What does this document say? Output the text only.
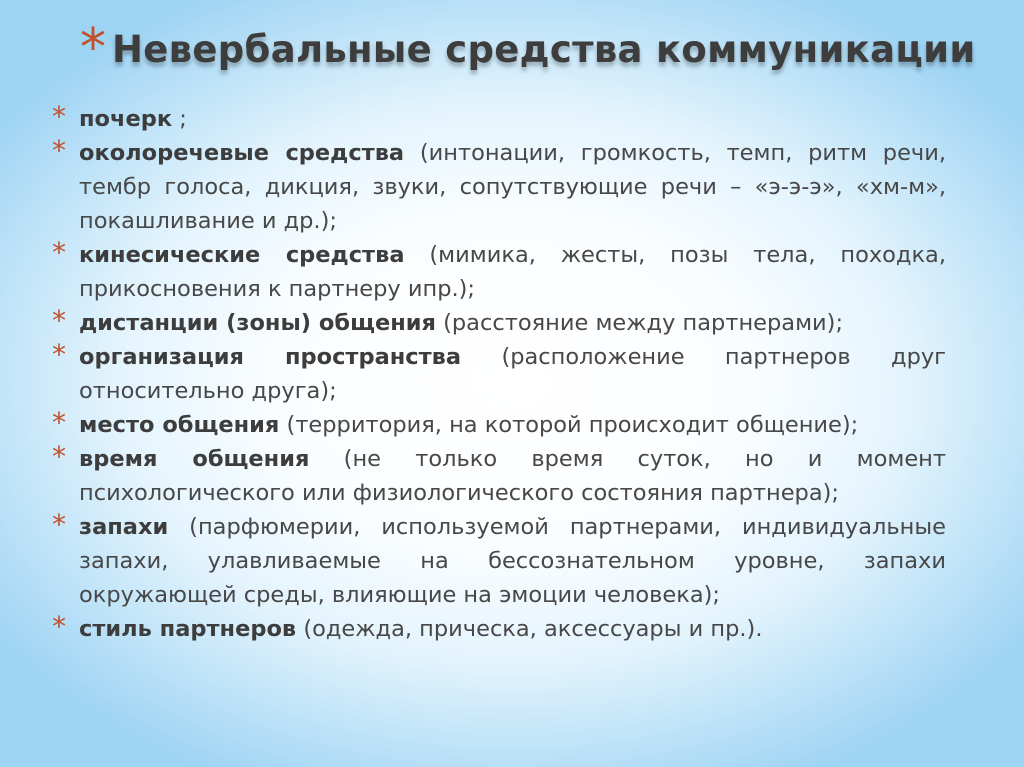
* Невербальные средства коммуникации
* почерк ;
* околоречевые средства (интонации, громкость, темп, ритм речи, тембр голоса, дикция, звуки, сопутствующие речи – «э-э-э», «хм-м», покашливание и др.);
* кинесические средства (мимика, жесты, позы тела, походка, прикосновения к партнеру ипр.);
* дистанции (зоны) общения (расстояние между партнерами);
* организация пространства (расположение партнеров друг относительно друга);
* место общения (территория, на которой происходит общение);
* время общения (не только время суток, но и момент психологического или физиологического состояния партнера);
* запахи (парфюмерии, используемой партнерами, индивидуальные запахи, улавливаемые на бессознательном уровне, запахи окружающей среды, влияющие на эмоции человека);
* стиль партнеров (одежда, прическа, аксессуары и пр.).
